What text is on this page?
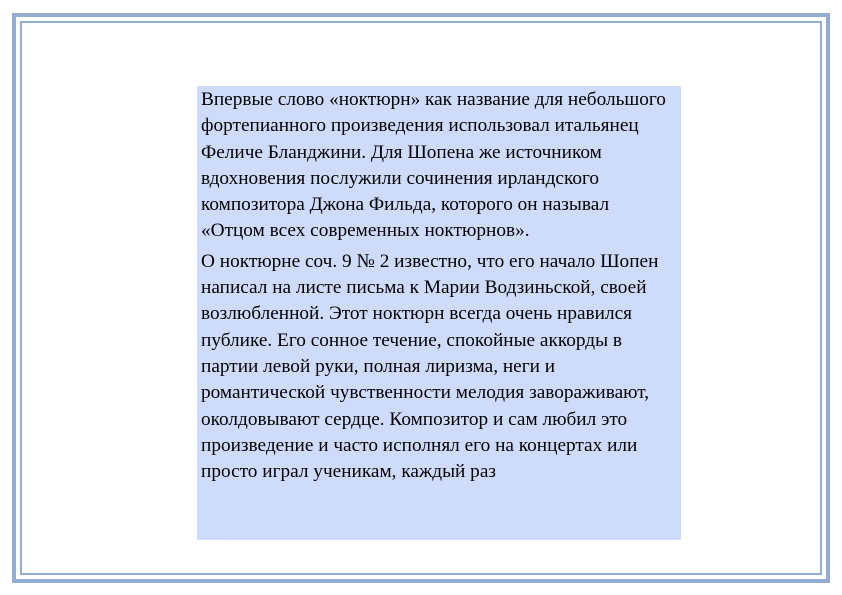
Впервые слово «ноктюрн» как название для небольшого фортепианного произведения использовал итальянец Феличе Бланджини. Для Шопена же источником вдохновения послужили сочинения ирландского композитора Джона Фильда, которого он называл «Отцом всех современных ноктюрнов».

О ноктюрне соч. 9 № 2 известно, что его начало Шопен написал на листе письма к Марии Водзиньской, своей возлюбленной. Этот ноктюрн всегда очень нравился публике. Его сонное течение, спокойные аккорды в партии левой руки, полная лиризма, неги и романтической чувственности мелодия завораживают, околдовывают сердце. Композитор и сам любил это произведение и часто исполнял его на концертах или просто играл ученикам, каждый раз
